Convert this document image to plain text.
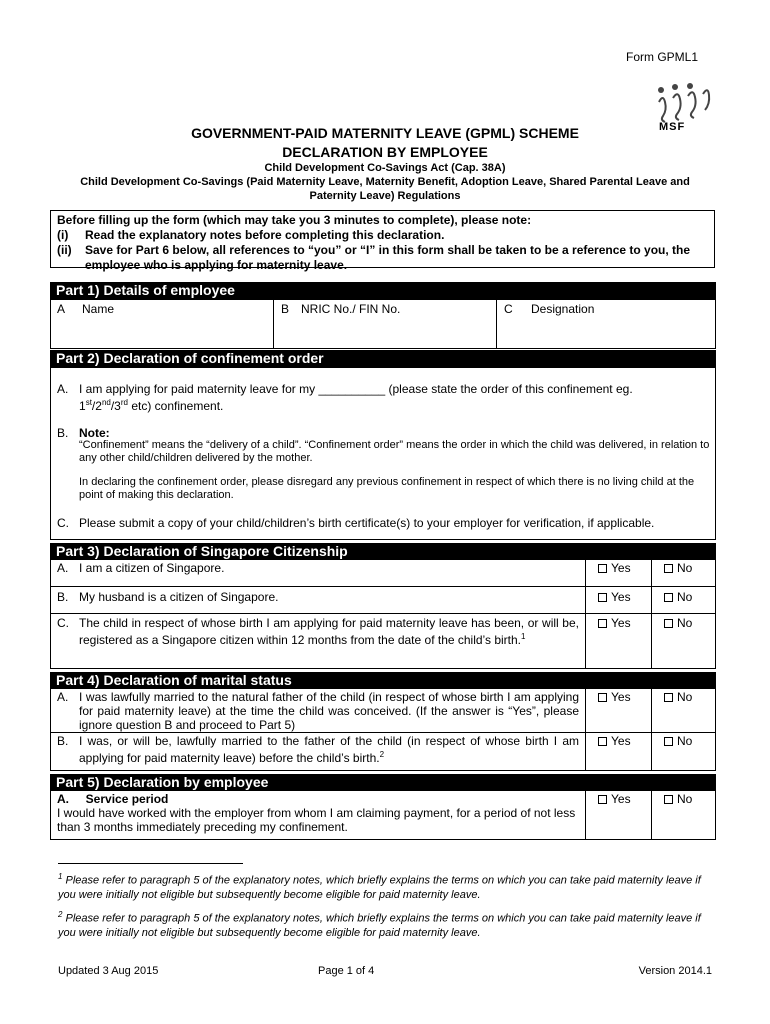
Form GPML1
MSF
GOVERNMENT-PAID MATERNITY LEAVE (GPML) SCHEME
DECLARATION BY EMPLOYEE
Child Development Co-Savings Act (Cap. 38A)
Child Development Co-Savings (Paid Maternity Leave, Maternity Benefit, Adoption Leave, Shared Parental Leave and Paternity Leave) Regulations
Before filling up the form (which may take you 3 minutes to complete), please note:
(i)	Read the explanatory notes before completing this declaration.
(ii)	Save for Part 6 below, all references to “you” or “I” in this form shall be taken to be a reference to you, the employee who is applying for maternity leave.
Part 1) Details of employee
A Name	B NRIC No./ FIN No.	C Designation
Part 2) Declaration of confinement order
A. I am applying for paid maternity leave for my __________ (please state the order of this confinement eg.
1st/2nd/3rd etc) confinement.
B. Note:
“Confinement” means the “delivery of a child”. “Confinement order” means the order in which the child was delivered, in relation to any other child/children delivered by the mother.
In declaring the confinement order, please disregard any previous confinement in respect of which there is no living child at the point of making this declaration.
C. Please submit a copy of your child/children’s birth certificate(s) to your employer for verification, if applicable.
Part 3) Declaration of Singapore Citizenship
A. I am a citizen of Singapore.	Yes	No
B. My husband is a citizen of Singapore.	Yes	No
C. The child in respect of whose birth I am applying for paid maternity leave has been, or will be, registered as a Singapore citizen within 12 months from the date of the child’s birth.$^1$
Yes	No
Part 4) Declaration of marital status
A. I was lawfully married to the natural father of the child (in respect of whose birth I am applying for paid maternity leave) at the time the child was conceived. (If the answer is “Yes”, please ignore question B and proceed to Part 5)
Yes	No
B. I was, or will be, lawfully married to the father of the child (in respect of whose birth I am applying for paid maternity leave) before the child’s birth.$^2$
Yes	No
Part 5) Declaration by employee
A.     Service period
I would have worked with the employer from whom I am claiming payment, for a period of not less than 3 months immediately preceding my confinement.
Yes	No
$^1$ Please refer to paragraph 5 of the explanatory notes, which briefly explains the terms on which you can take paid maternity leave if you were initially not eligible but subsequently become eligible for paid maternity leave.
$^2$ Please refer to paragraph 5 of the explanatory notes, which briefly explains the terms on which you can take paid maternity leave if you were initially not eligible but subsequently become eligible for paid maternity leave.
Updated 3 Aug 2015	Page 1 of 4	Version 2014.1
